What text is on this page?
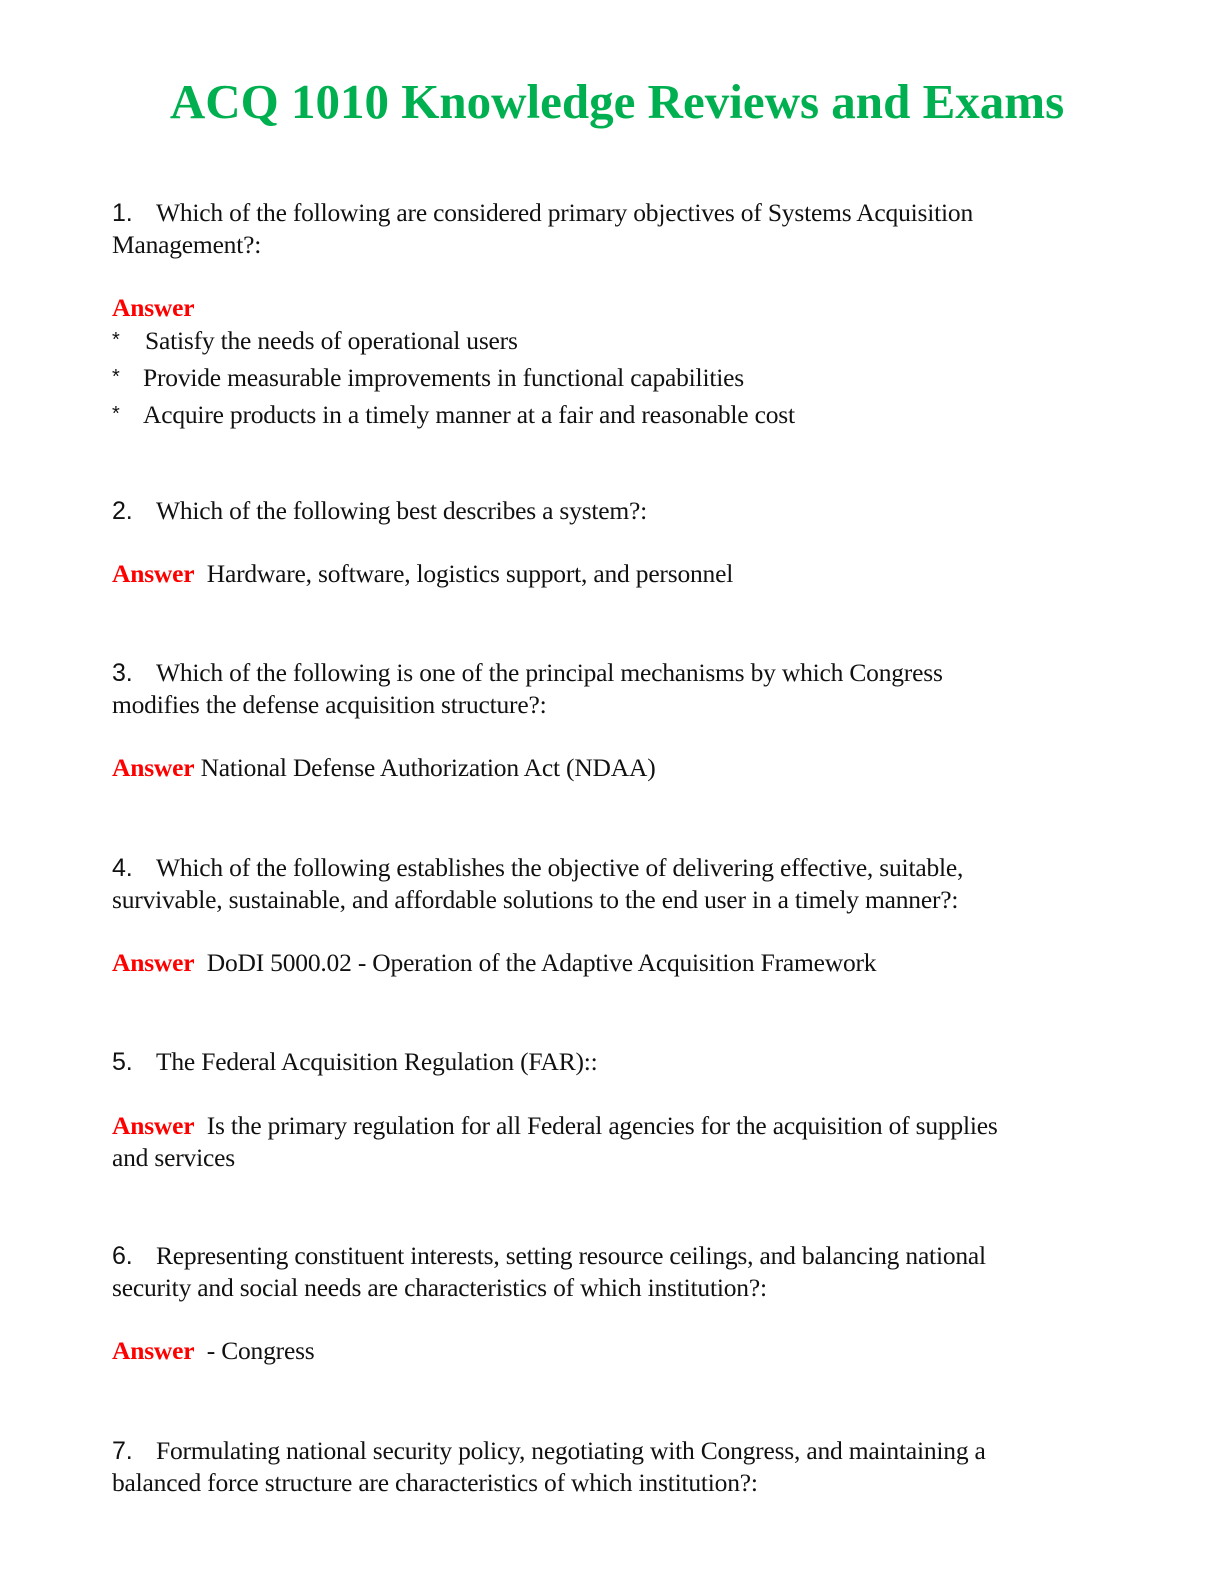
ACQ 1010 Knowledge Reviews and Exams
1. Which of the following are considered primary objectives of Systems Acquisition
Management?:
Answer
* Satisfy the needs of operational users
* Provide measurable improvements in functional capabilities
* Acquire products in a timely manner at a fair and reasonable cost
2. Which of the following best describes a system?:
Answer Hardware, software, logistics support, and personnel
3. Which of the following is one of the principal mechanisms by which Congress
modifies the defense acquisition structure?:
Answer National Defense Authorization Act (NDAA)
4. Which of the following establishes the objective of delivering effective, suitable,
survivable, sustainable, and affordable solutions to the end user in a timely manner?:
Answer DoDI 5000.02 - Operation of the Adaptive Acquisition Framework
5. The Federal Acquisition Regulation (FAR)::
Answer Is the primary regulation for all Federal agencies for the acquisition of supplies
and services
6. Representing constituent interests, setting resource ceilings, and balancing national
security and social needs are characteristics of which institution?:
Answer - Congress
7. Formulating national security policy, negotiating with Congress, and maintaining a
balanced force structure are characteristics of which institution?:
